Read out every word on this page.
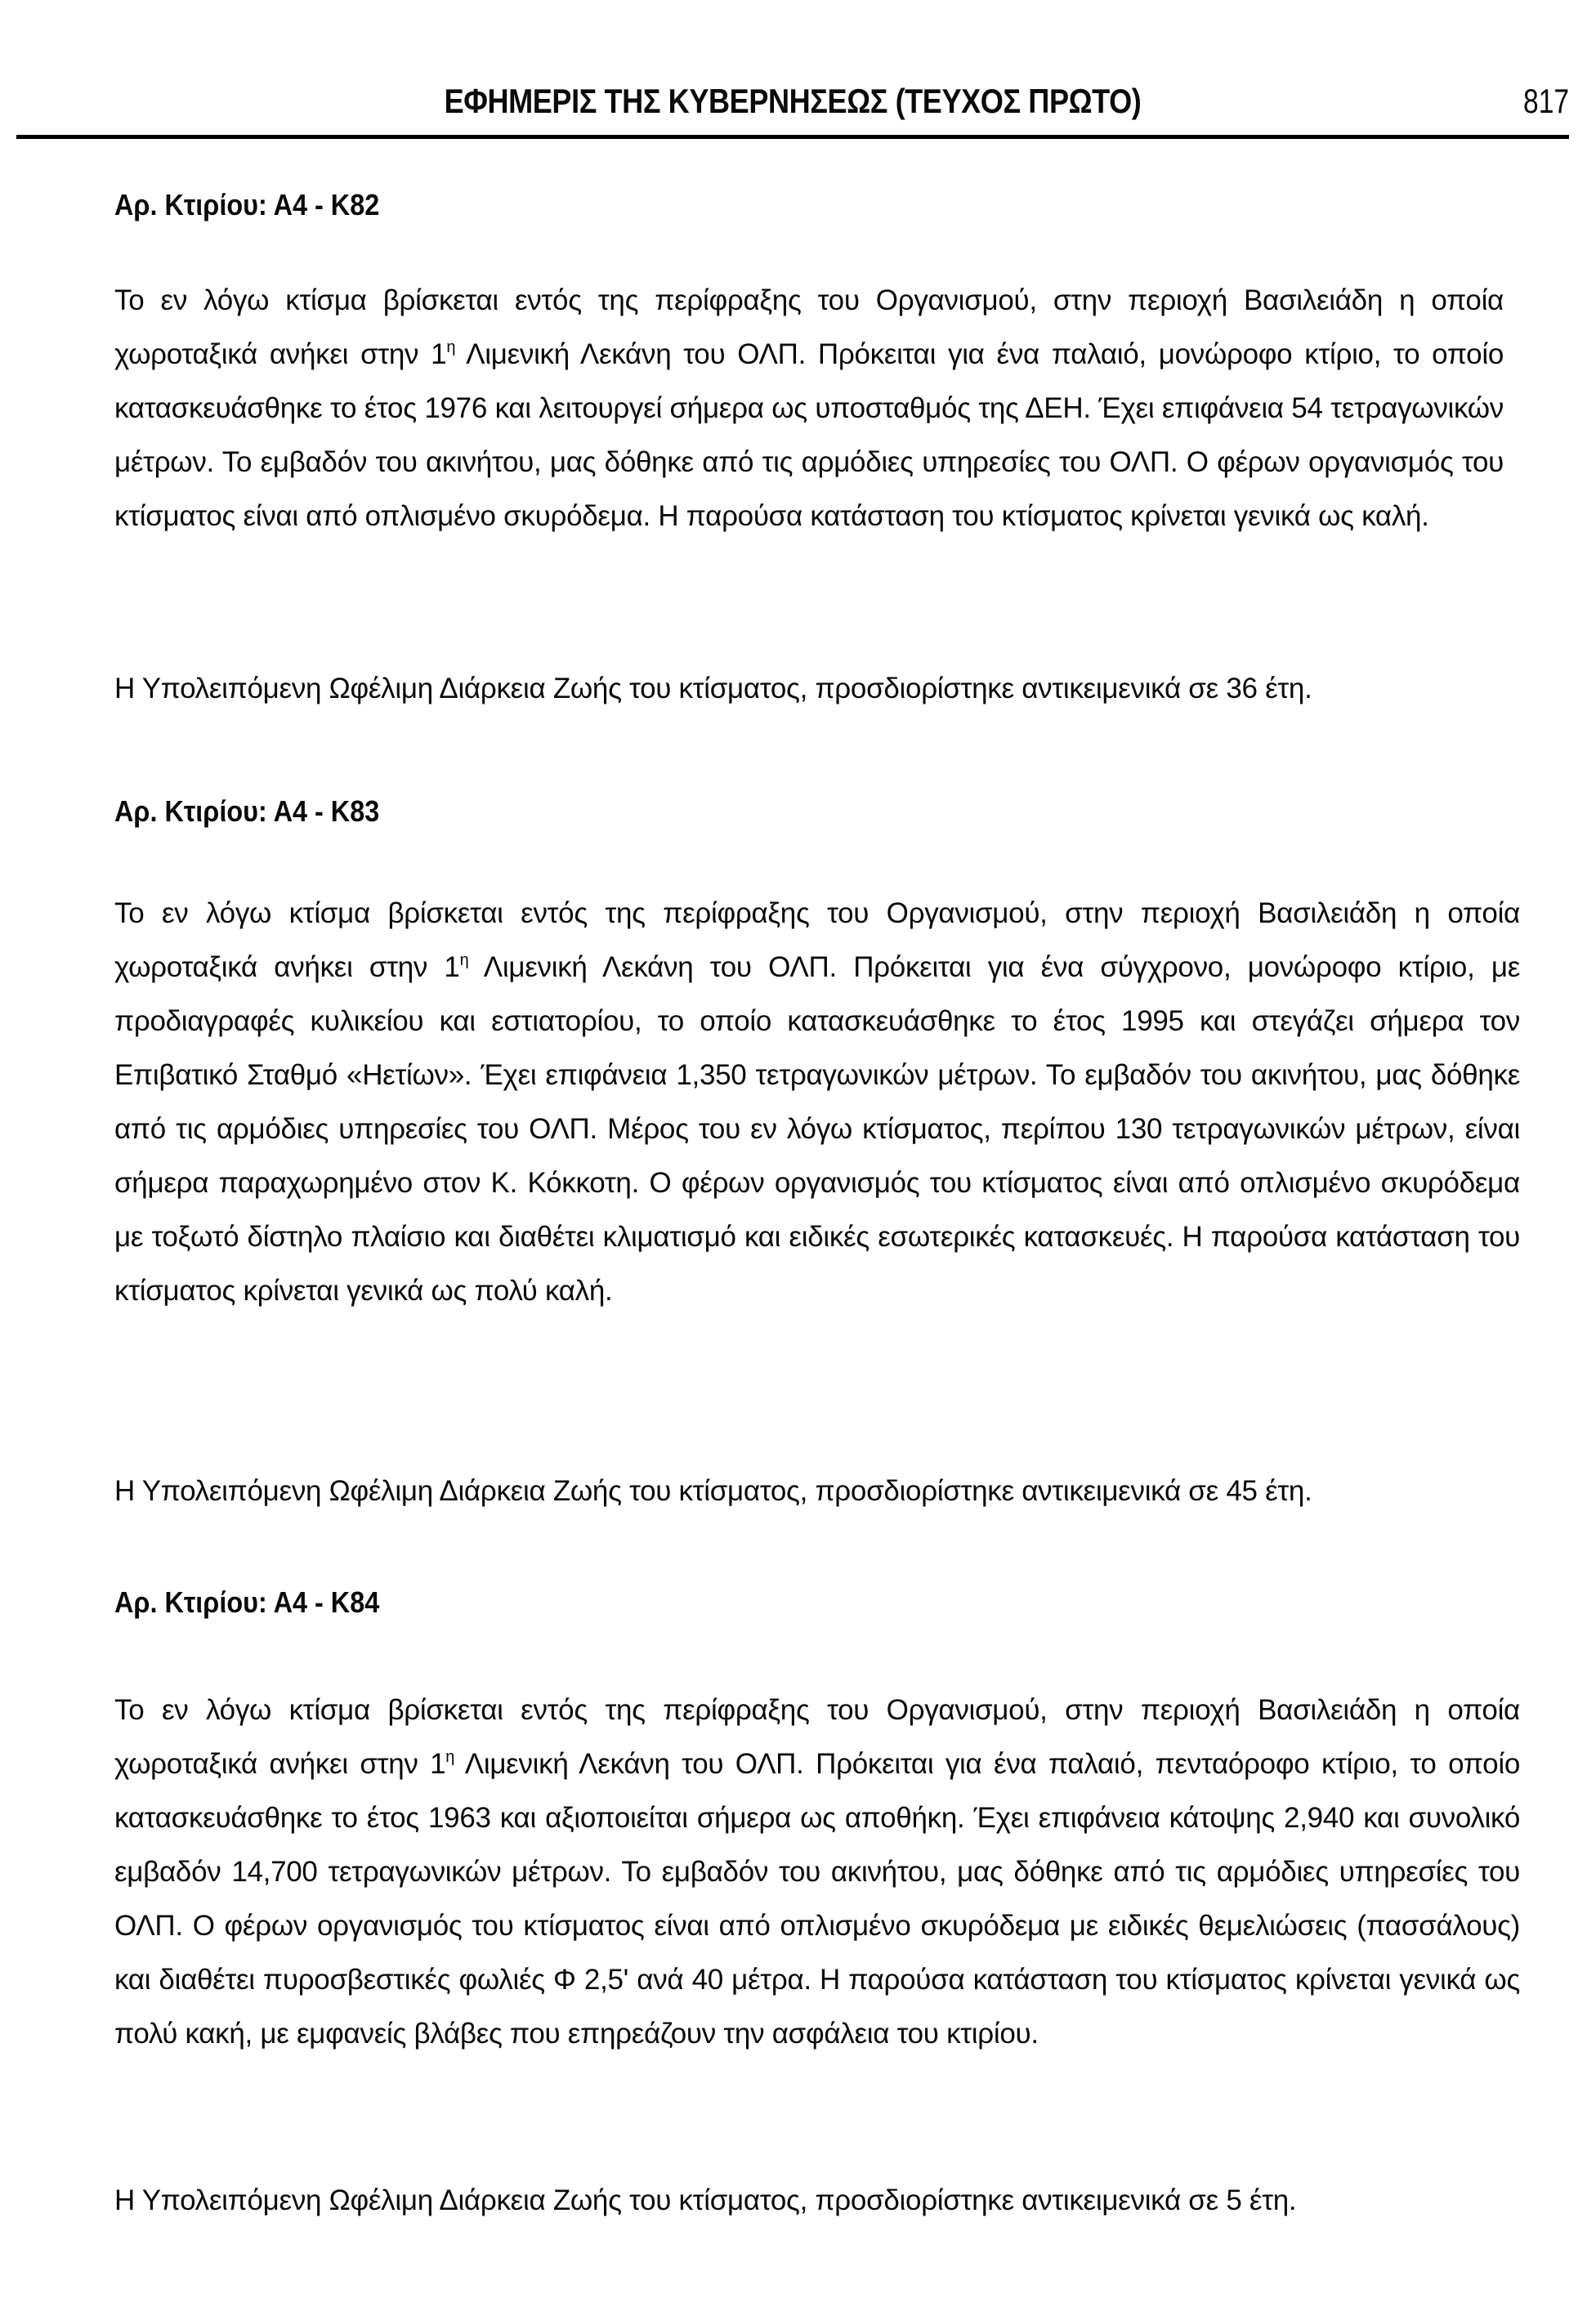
ΕΦΗΜΕΡΙΣ ΤΗΣ ΚΥΒΕΡΝΗΣΕΩΣ (ΤΕΥΧΟΣ ΠΡΩΤΟ)	817
Αρ. Κτιρίου: Α4 - Κ82

Το εν λόγω κτίσμα βρίσκεται εντός της περίφραξης του Οργανισμού, στην περιοχή Βασιλειάδη η οποία χωροταξικά ανήκει στην $1^\eta$ Λιμενική Λεκάνη του ΟΛΠ. Πρόκειται για ένα παλαιό, μονώροφο κτίριο, το οποίο κατασκευάσθηκε το έτος 1976 και λειτουργεί σήμερα ως υποσταθμός της ΔΕΗ. Έχει επιφάνεια 54 τετραγωνικών μέτρων. Το εμβαδόν του ακινήτου, μας δόθηκε από τις αρμόδιες υπηρεσίες του ΟΛΠ. Ο φέρων οργανισμός του κτίσματος είναι από οπλισμένο σκυρόδεμα. Η παρούσα κατάσταση του κτίσματος κρίνεται γενικά ως καλή.

Η Υπολειπόμενη Ωφέλιμη Διάρκεια Ζωής του κτίσματος, προσδιορίστηκε αντικειμενικά σε 36 έτη.

Αρ. Κτιρίου: Α4 - Κ83

Το εν λόγω κτίσμα βρίσκεται εντός της περίφραξης του Οργανισμού, στην περιοχή Βασιλειάδη η οποία χωροταξικά ανήκει στην $1^\eta$ Λιμενική Λεκάνη του ΟΛΠ. Πρόκειται για ένα σύγχρονο, μονώροφο κτίριο, με προδιαγραφές κυλικείου και εστιατορίου, το οποίο κατασκευάσθηκε το έτος 1995 και στεγάζει σήμερα τον Επιβατικό Σταθμό «Ηετίων». Έχει επιφάνεια 1,350 τετραγωνικών μέτρων. Το εμβαδόν του ακινήτου, μας δόθηκε από τις αρμόδιες υπηρεσίες του ΟΛΠ. Μέρος του εν λόγω κτίσματος, περίπου 130 τετραγωνικών μέτρων, είναι σήμερα παραχωρημένο στον Κ. Κόκκοτη. Ο φέρων οργανισμός του κτίσματος είναι από οπλισμένο σκυρόδεμα με τοξωτό δίστηλο πλαίσιο και διαθέτει κλιματισμό και ειδικές εσωτερικές κατασκευές. Η παρούσα κατάσταση του κτίσματος κρίνεται γενικά ως πολύ καλή.

Η Υπολειπόμενη Ωφέλιμη Διάρκεια Ζωής του κτίσματος, προσδιορίστηκε αντικειμενικά σε 45 έτη.

Αρ. Κτιρίου: Α4 - Κ84

Το εν λόγω κτίσμα βρίσκεται εντός της περίφραξης του Οργανισμού, στην περιοχή Βασιλειάδη η οποία χωροταξικά ανήκει στην $1^\eta$ Λιμενική Λεκάνη του ΟΛΠ. Πρόκειται για ένα παλαιό, πενταόροφο κτίριο, το οποίο κατασκευάσθηκε το έτος 1963 και αξιοποιείται σήμερα ως αποθήκη. Έχει επιφάνεια κάτοψης 2,940 και συνολικό εμβαδόν 14,700 τετραγωνικών μέτρων. Το εμβαδόν του ακινήτου, μας δόθηκε από τις αρμόδιες υπηρεσίες του ΟΛΠ. Ο φέρων οργανισμός του κτίσματος είναι από οπλισμένο σκυρόδεμα με ειδικές θεμελιώσεις (πασσάλους) και διαθέτει πυροσβεστικές φωλιές Φ 2,5' ανά 40 μέτρα. Η παρούσα κατάσταση του κτίσματος κρίνεται γενικά ως πολύ κακή, με εμφανείς βλάβες που επηρεάζουν την ασφάλεια του κτιρίου.

Η Υπολειπόμενη Ωφέλιμη Διάρκεια Ζωής του κτίσματος, προσδιορίστηκε αντικειμενικά σε 5 έτη.
